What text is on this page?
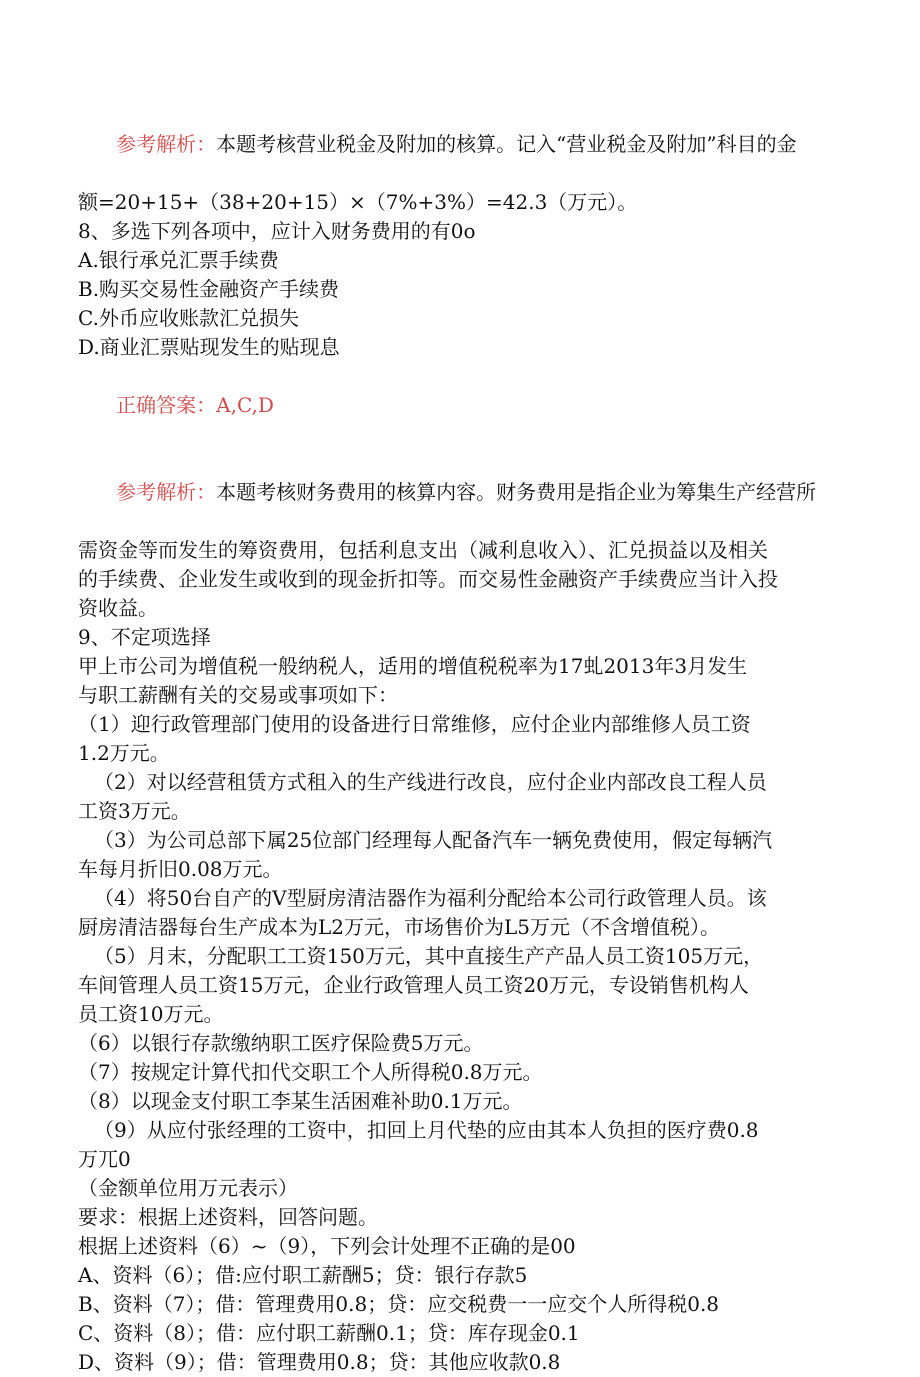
参考解析：本题考核营业税金及附加的核算。记入“营业税金及附加”科目的金

额=20+15+（38+20+15）×（7%+3%）=42.3（万元）。
8、多选下列各项中，应计入财务费用的有0o
A.银行承兑汇票手续费
B.购买交易性金融资产手续费
C.外币应收账款汇兑损失
D.商业汇票贴现发生的贴现息

正确答案：A,C,D

参考解析：本题考核财务费用的核算内容。财务费用是指企业为筹集生产经营所

需资金等而发生的筹资费用，包括利息支出（减利息收入）、汇兑损益以及相关
的手续费、企业发生或收到的现金折扣等。而交易性金融资产手续费应当计入投
资收益。
9、不定项选择
甲上市公司为增值税一般纳税人，适用的增值税税率为17虬2013年3月发生
与职工薪酬有关的交易或事项如下：
（1）迎行政管理部门使用的设备进行日常维修，应付企业内部维修人员工资
1.2万元。
（2）对以经营租赁方式租入的生产线进行改良，应付企业内部改良工程人员
工资3万元。
（3）为公司总部下属25位部门经理每人配备汽车一辆免费使用，假定每辆汽
车每月折旧0.08万元。
（4）将50台自产的V型厨房清洁器作为福利分配给本公司行政管理人员。该
厨房清洁器每台生产成本为L2万元，市场售价为L5万元（不含增值税）。
（5）月末，分配职工工资150万元，其中直接生产产品人员工资105万元，
车间管理人员工资15万元，企业行政管理人员工资20万元，专设销售机构人
员工资10万元。
（6）以银行存款缴纳职工医疗保险费5万元。
（7）按规定计算代扣代交职工个人所得税0.8万元。
（8）以现金支付职工李某生活困难补助0.1万元。
（9）从应付张经理的工资中，扣回上月代垫的应由其本人负担的医疗费0.8
万兀0
（金额单位用万元表示）
要求：根据上述资料，回答问题。
根据上述资料（6）~（9），下列会计处理不正确的是00
A、资料（6）；借:应付职工薪酬5；贷：银行存款5
B、资料（7）；借：管理费用0.8；贷：应交税费一一应交个人所得税0.8
C、资料（8）；借：应付职工薪酬0.1；贷：库存现金0.1
D、资料（9）；借：管理费用0.8；贷：其他应收款0.8
